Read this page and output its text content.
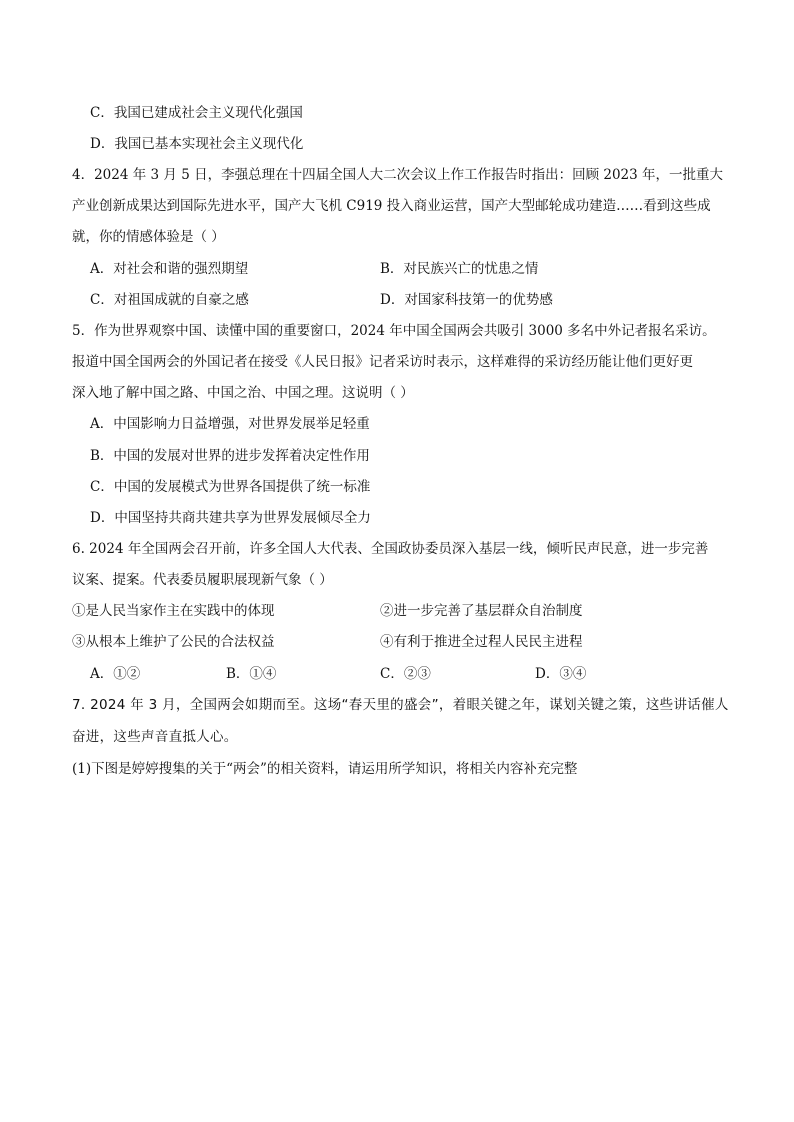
C．我国已建成社会主义现代化强国
D．我国已基本实现社会主义现代化
4．2024 年 3 月 5 日，李强总理在十四届全国人大二次会议上作工作报告时指出：回顾 2023 年，一批重大
产业创新成果达到国际先进水平，国产大飞机 C919 投入商业运营，国产大型邮轮成功建造……看到这些成
就，你的情感体验是（ ）
A．对社会和谐的强烈期望	B．对民族兴亡的忧患之情
C．对祖国成就的自豪之感	D．对国家科技第一的优势感
5．作为世界观察中国、读懂中国的重要窗口，2024 年中国全国两会共吸引 3000 多名中外记者报名采访。
报道中国全国两会的外国记者在接受《人民日报》记者采访时表示，这样难得的采访经历能让他们更好更
深入地了解中国之路、中国之治、中国之理。这说明（ ）
A．中国影响力日益增强，对世界发展举足轻重
B．中国的发展对世界的进步发挥着决定性作用
C．中国的发展模式为世界各国提供了统一标准
D．中国坚持共商共建共享为世界发展倾尽全力
6. 2024 年全国两会召开前，许多全国人大代表、全国政协委员深入基层一线，倾听民声民意，进一步完善
议案、提案。代表委员履职展现新气象（ ）
①是人民当家作主在实践中的体现	②进一步完善了基层群众自治制度
③从根本上维护了公民的合法权益	④有利于推进全过程人民民主进程
A．①②	B．①④	C．②③	D．③④
7. 2024 年 3 月，全国两会如期而至。这场“春天里的盛会”，着眼关键之年，谋划关键之策，这些讲话催人
奋进，这些声音直抵人心。
(1)下图是婷婷搜集的关于“两会”的相关资料，请运用所学知识，将相关内容补充完整
